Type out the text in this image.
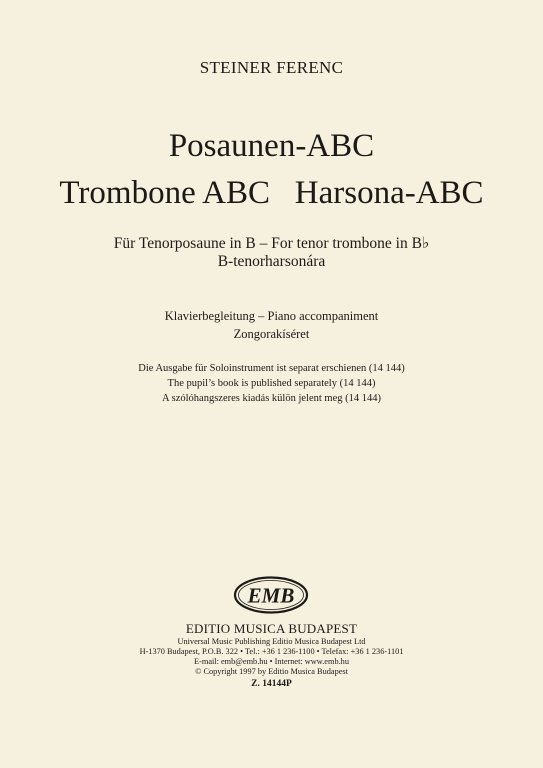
STEINER FERENC
Posaunen-ABC
Trombone ABC   Harsona-ABC
Für Tenorposaune in B – For tenor trombone in B♭
B-tenorharsonára
Klavierbegleitung – Piano accompaniment
Zongorakíséret
Die Ausgabe für Soloinstrument ist separat erschienen (14 144)
The pupil’s book is published separately (14 144)
A szólóhangszeres kiadás külön jelent meg (14 144)
EMB
EDITIO MUSICA BUDAPEST
Universal Music Publishing Editio Musica Budapest Ltd
H-1370 Budapest, P.O.B. 322 • Tel.: +36 1 236-1100 • Telefax: +36 1 236-1101
E-mail: emb@emb.hu • Internet: www.emb.hu
© Copyright 1997 by Editio Musica Budapest
Z. 14144P
